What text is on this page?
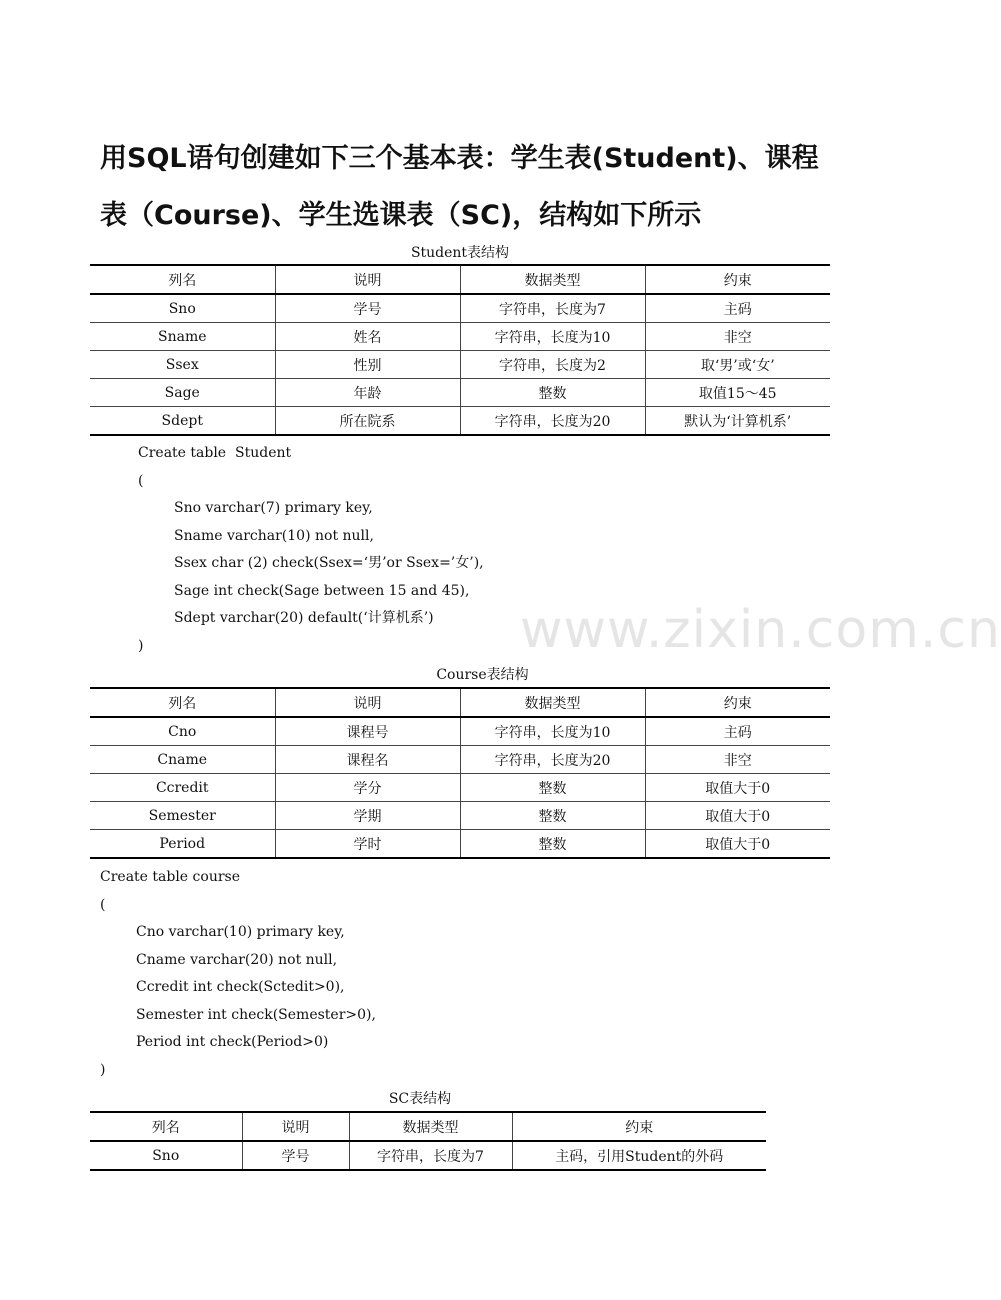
用SQL语句创建如下三个基本表：学生表(Student)、课程表（Course)、学生选课表（SC)，结构如下所示
Student表结构
列名	说明	数据类型	约束
Sno	学号	字符串，长度为7	主码
Sname	姓名	字符串，长度为10	非空
Ssex	性别	字符串，长度为2	取‘男’或‘女’
Sage	年龄	整数	取值15～45
Sdept	所在院系	字符串，长度为20	默认为‘计算机系’
Create table  Student
(
Sno varchar(7) primary key,
Sname varchar(10) not null,
Ssex char (2) check(Ssex=‘男’or Ssex=’女’),
Sage int check(Sage between 15 and 45),
Sdept varchar(20) default(‘计算机系’)
)
Course表结构
列名	说明	数据类型	约束
Cno	课程号	字符串，长度为10	主码
Cname	课程名	字符串，长度为20	非空
Ccredit	学分	整数	取值大于0
Semester	学期	整数	取值大于0
Period	学时	整数	取值大于0
Create table course
(
Cno varchar(10) primary key,
Cname varchar(20) not null,
Ccredit int check(Sctedit>0),
Semester int check(Semester>0),
Period int check(Period>0)
)
SC表结构
列名	说明	数据类型	约束
Sno	学号	字符串，长度为7	主码，引用Student的外码
www.zixin.com.cn
